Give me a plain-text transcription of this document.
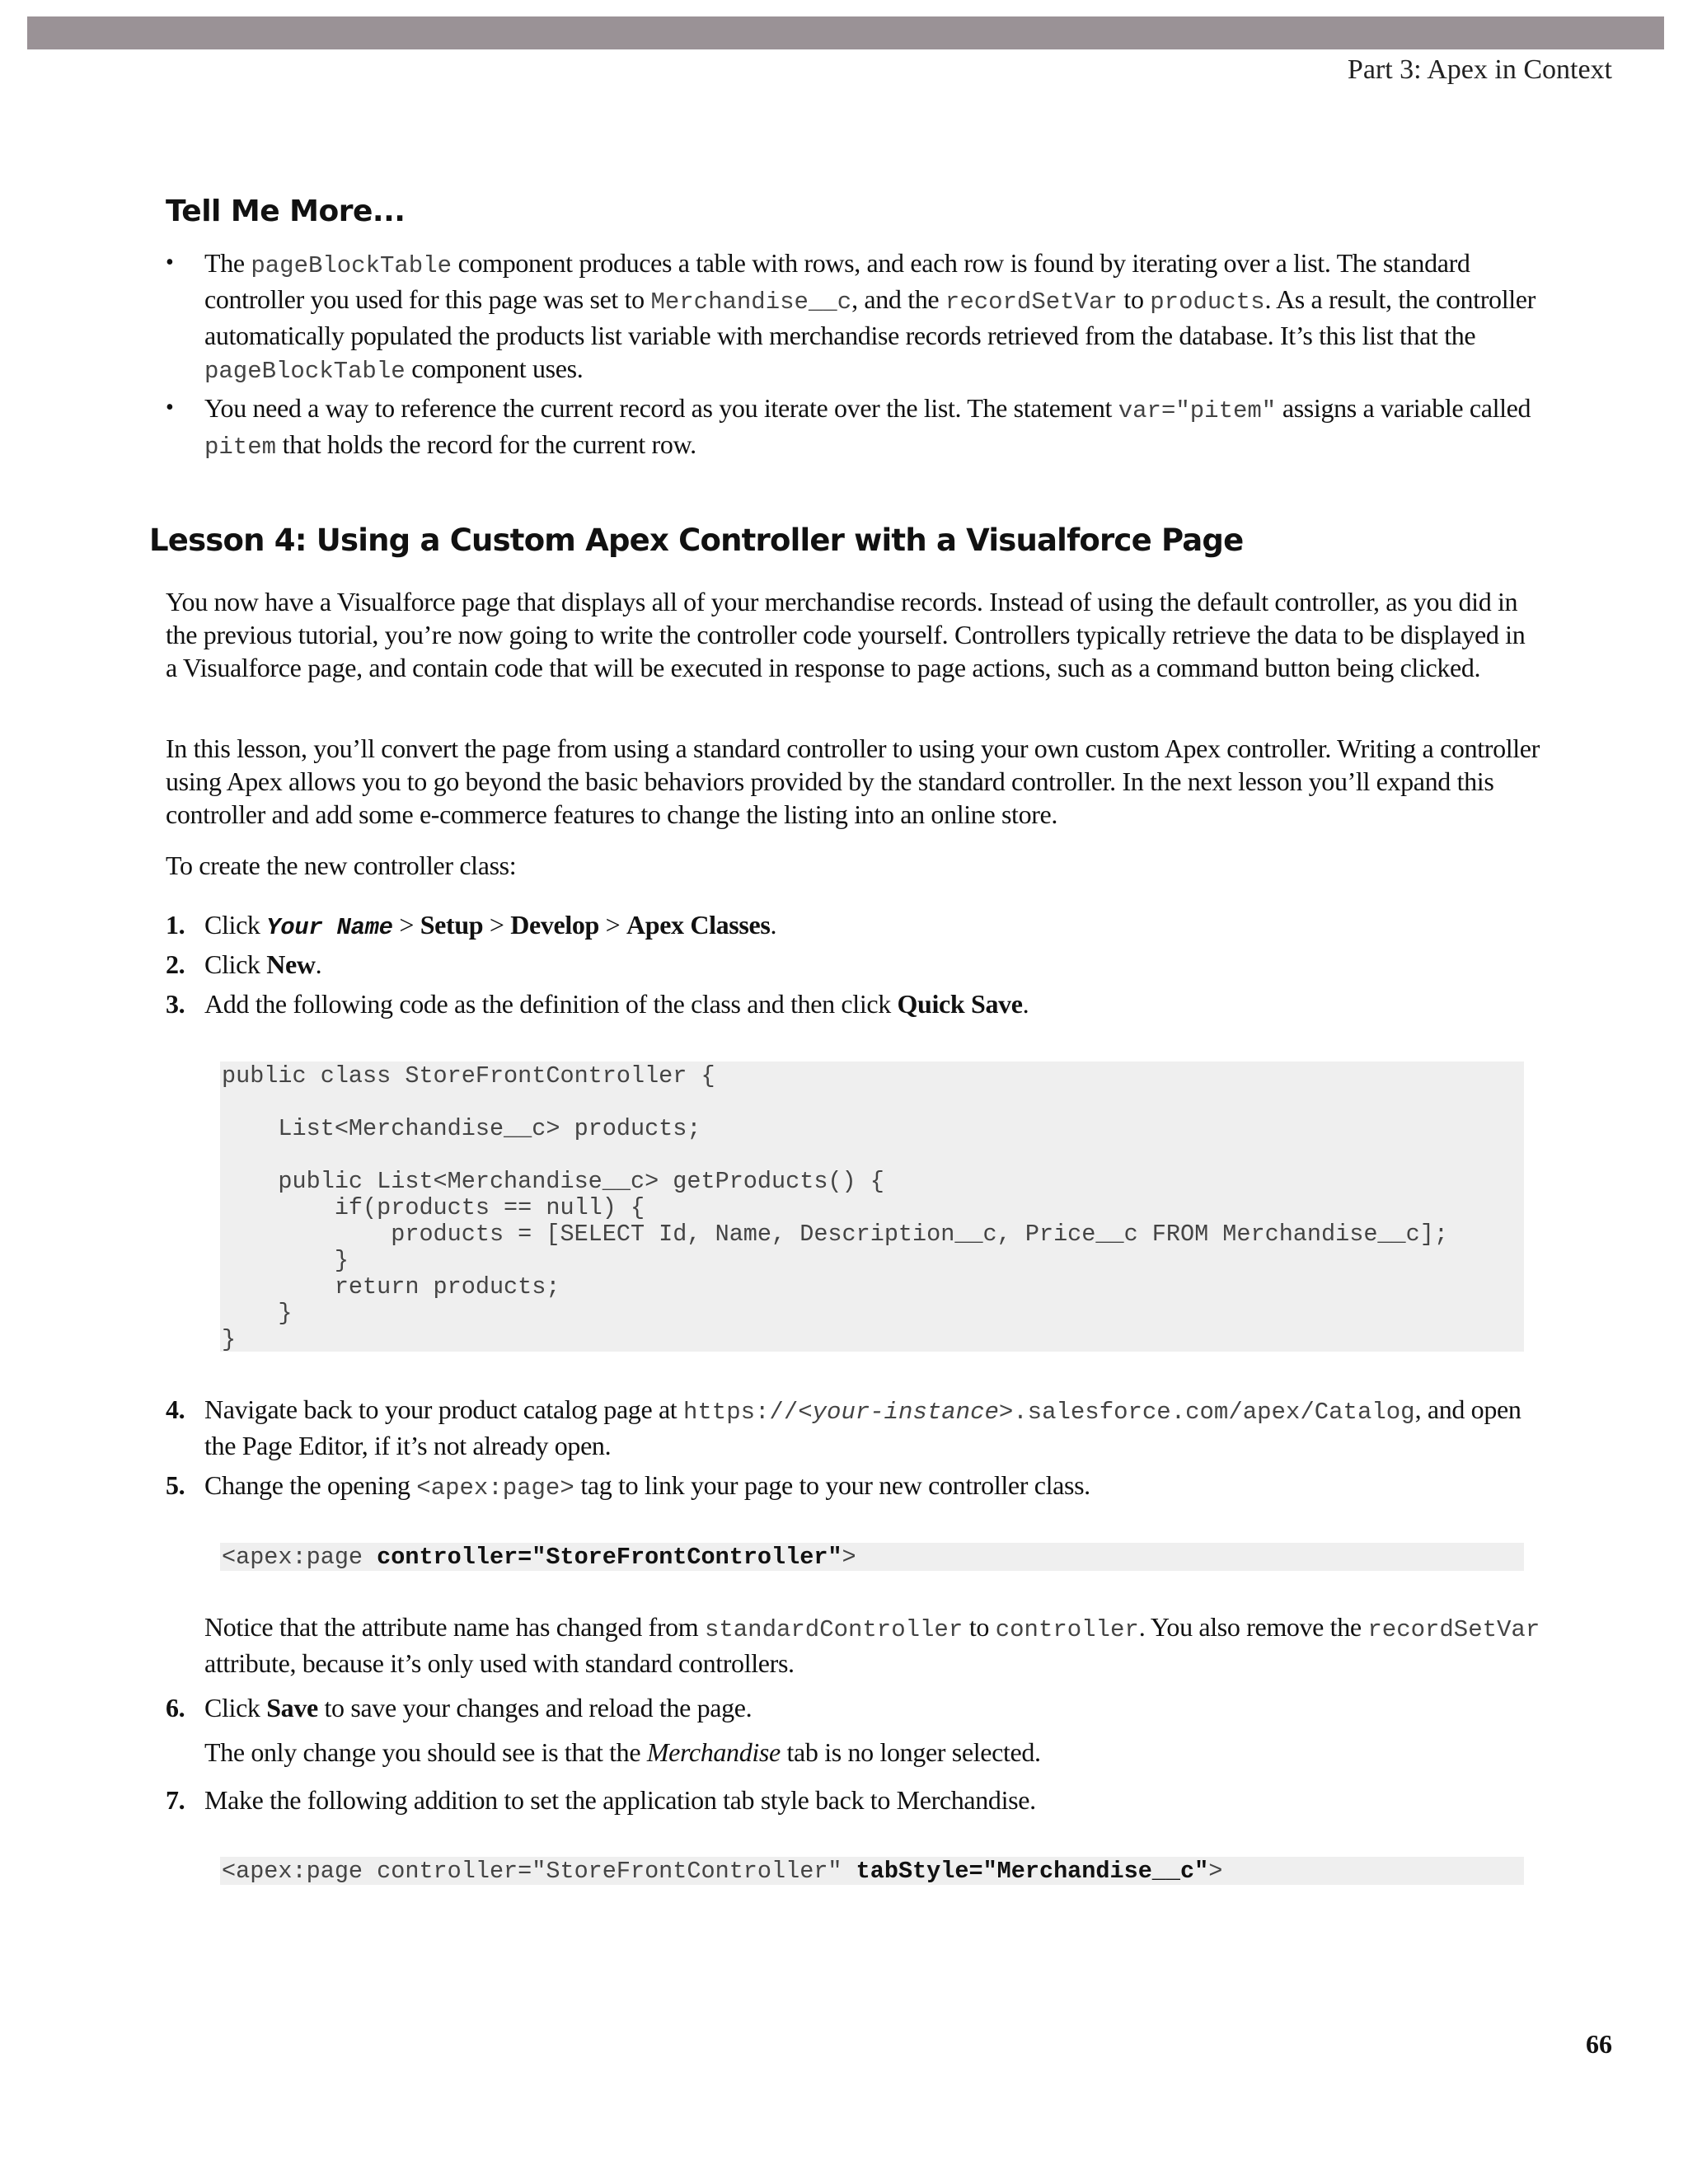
Part 3: Apex in Context
Tell Me More...
• The pageBlockTable component produces a table with rows, and each row is found by iterating over a list. The standard controller you used for this page was set to Merchandise__c, and the recordSetVar to products. As a result, the controller automatically populated the products list variable with merchandise records retrieved from the database. It’s this list that the pageBlockTable component uses.
• You need a way to reference the current record as you iterate over the list. The statement var="pitem" assigns a variable called pitem that holds the record for the current row.
Lesson 4: Using a Custom Apex Controller with a Visualforce Page

You now have a Visualforce page that displays all of your merchandise records. Instead of using the default controller, as you did in the previous tutorial, you’re now going to write the controller code yourself. Controllers typically retrieve the data to be displayed in a Visualforce page, and contain code that will be executed in response to page actions, such as a command button being clicked.

In this lesson, you’ll convert the page from using a standard controller to using your own custom Apex controller. Writing a controller using Apex allows you to go beyond the basic behaviors provided by the standard controller. In the next lesson you’ll expand this controller and add some e-commerce features to change the listing into an online store.

To create the new controller class:

1. Click Your Name > Setup > Develop > Apex Classes.
2. Click New.
3. Add the following code as the definition of the class and then click Quick Save.
public class StoreFrontController {

List<Merchandise__c> products;

public List<Merchandise__c> getProducts() {
if(products == null) {
products = [SELECT Id, Name, Description__c, Price__c FROM Merchandise__c];
}
return products;
}
}
4. Navigate back to your product catalog page at https://<your-instance>.salesforce.com/apex/Catalog, and open the Page Editor, if it’s not already open.
5. Change the opening <apex:page> tag to link your page to your new controller class.
<apex:page controller="StoreFrontController">

Notice that the attribute name has changed from standardController to controller. You also remove the recordSetVar attribute, because it’s only used with standard controllers.

6. Click Save to save your changes and reload the page.

The only change you should see is that the Merchandise tab is no longer selected.

7. Make the following addition to set the application tab style back to Merchandise.
<apex:page controller="StoreFrontController" tabStyle="Merchandise__c">
66
